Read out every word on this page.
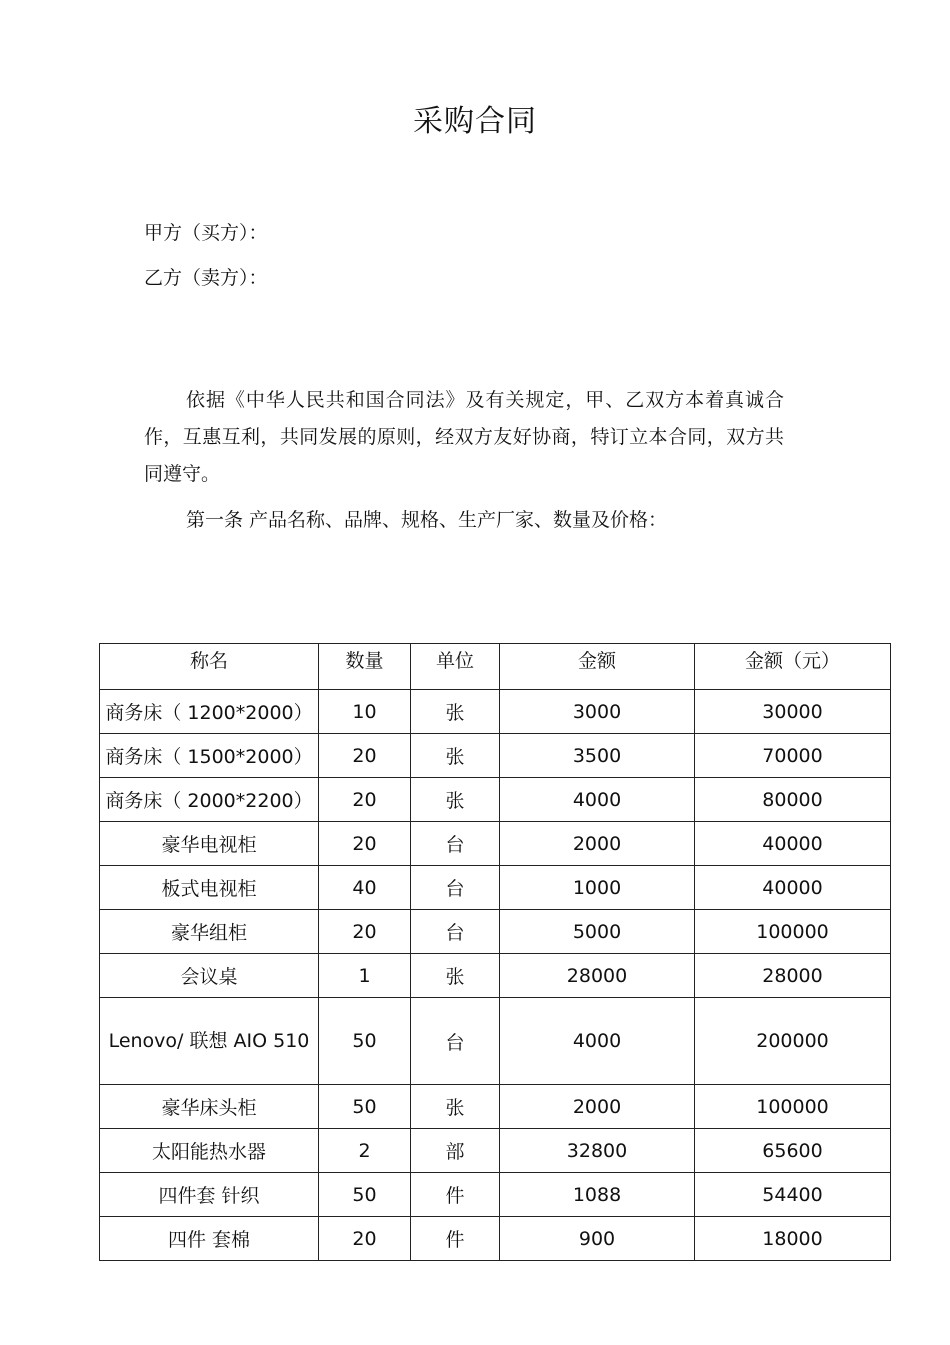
采购合同

甲方（买方）：

乙方（卖方）：

依据《中华人民共和国合同法》及有关规定，甲、乙双方本着真诚合作，互惠互利，共同发展的原则，经双方友好协商，特订立本合同，双方共同遵守。

第一条 产品名称、品牌、规格、生产厂家、数量及价格：

称名	数量	单位	金额	金额（元）
商务床（ 1200*2000）	10	张	3000	30000
商务床（ 1500*2000）	20	张	3500	70000
商务床（ 2000*2200）	20	张	4000	80000
豪华电视柜	20	台	2000	40000
板式电视柜	40	台	1000	40000
豪华组柜	20	台	5000	100000
会议桌	1	张	28000	28000
Lenovo/ 联想 AIO 510	50	台	4000	200000
豪华床头柜	50	张	2000	100000
太阳能热水器	2	部	32800	65600
四件套 针织	50	件	1088	54400
四件 套棉	20	件	900	18000
